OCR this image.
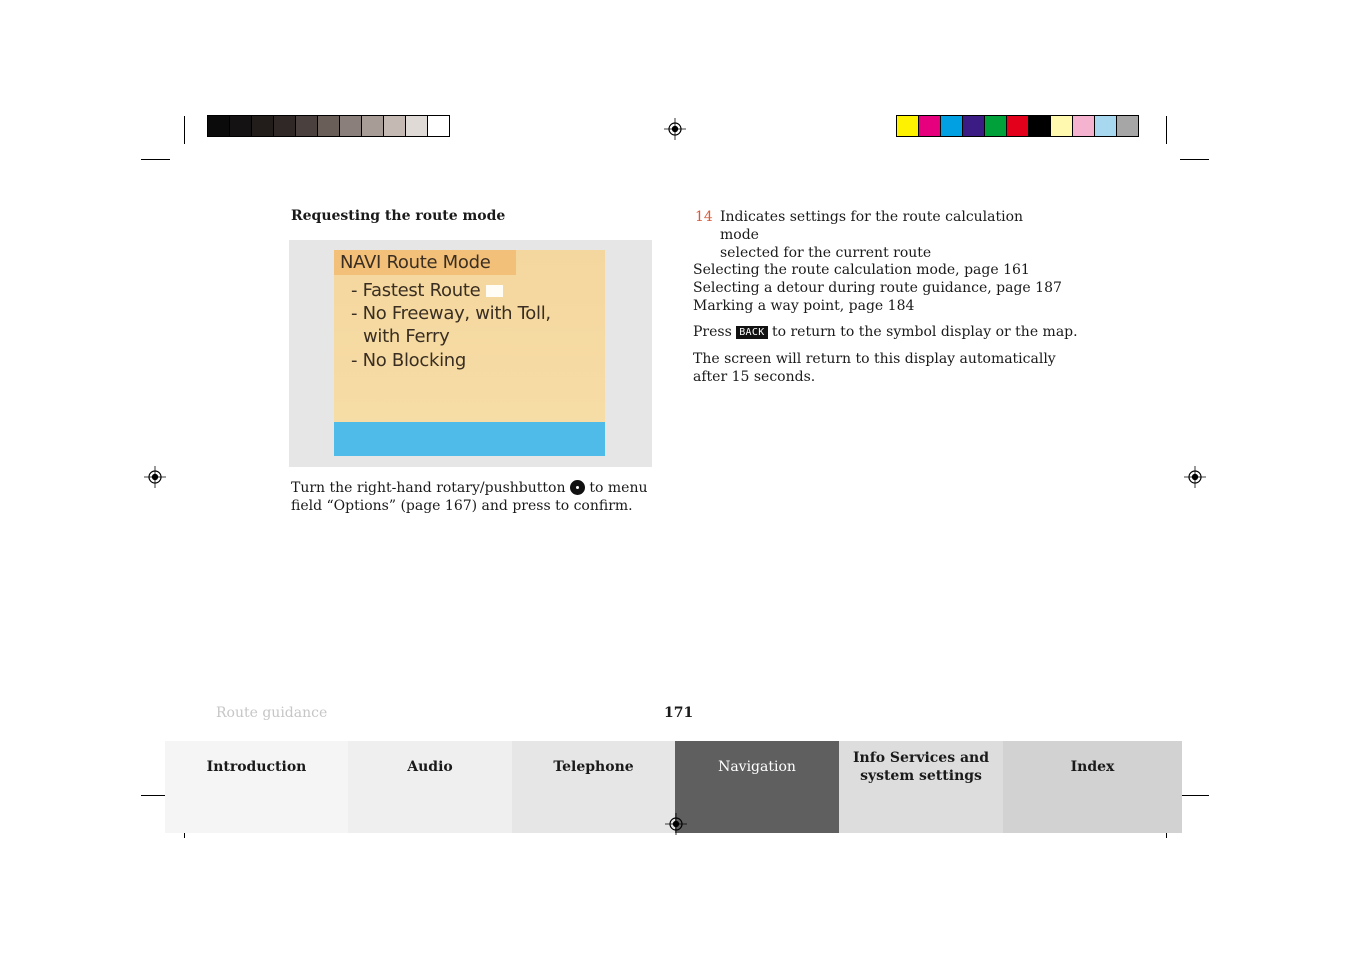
Requesting the route mode
NAVI Route Mode
- Fastest Route
- No Freeway, with Toll,
with Ferry
- No Blocking
Turn the right-hand rotary/pushbutton to menu
field “Options” (page 167) and press to confirm.
14 Indicates settings for the route calculation mode
selected for the current route
Selecting the route calculation mode, page 161
Selecting a detour during route guidance, page 187
Marking a way point, page 184
Press BACK to return to the symbol display or the map.
The screen will return to this display automatically
after 15 seconds.
Route guidance	171
Introduction	Audio	Telephone	Navigation
Info Services and
system settings
Index
